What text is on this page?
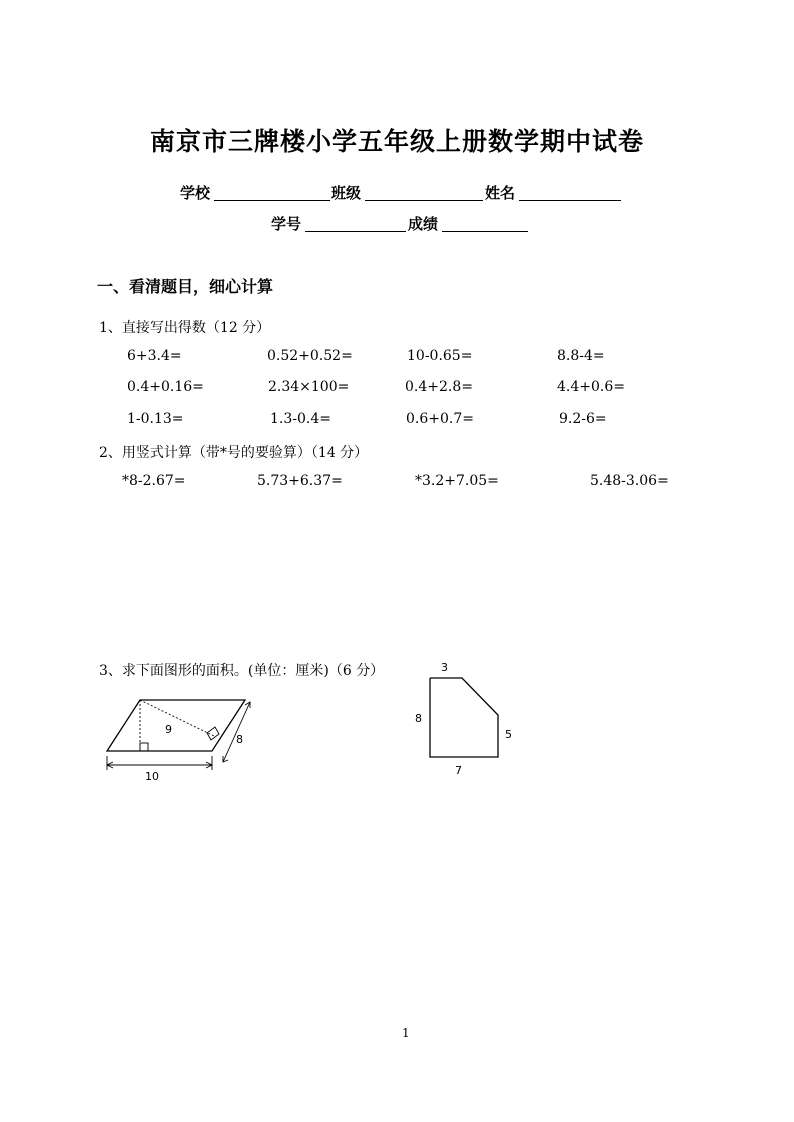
南京市三牌楼小学五年级上册数学期中试卷
学校	班级	姓名
学号	成绩
一、看清题目，细心计算
1、直接写出得数（12 分）
6+3.4=	0.52+0.52=	10-0.65=	8.8-4=
0.4+0.16=	2.34×100=	0.4+2.8=	4.4+0.6=
1-0.13=	1.3-0.4=	0.6+0.7=	9.2-6=
2、用竖式计算（带*号的要验算）（14 分）
*8-2.67=	5.73+6.37=	*3.2+7.05=	5.48-3.06=
3、求下面图形的面积。(单位：厘米)（6 分）
9
8
10
3
8
5
7
1
